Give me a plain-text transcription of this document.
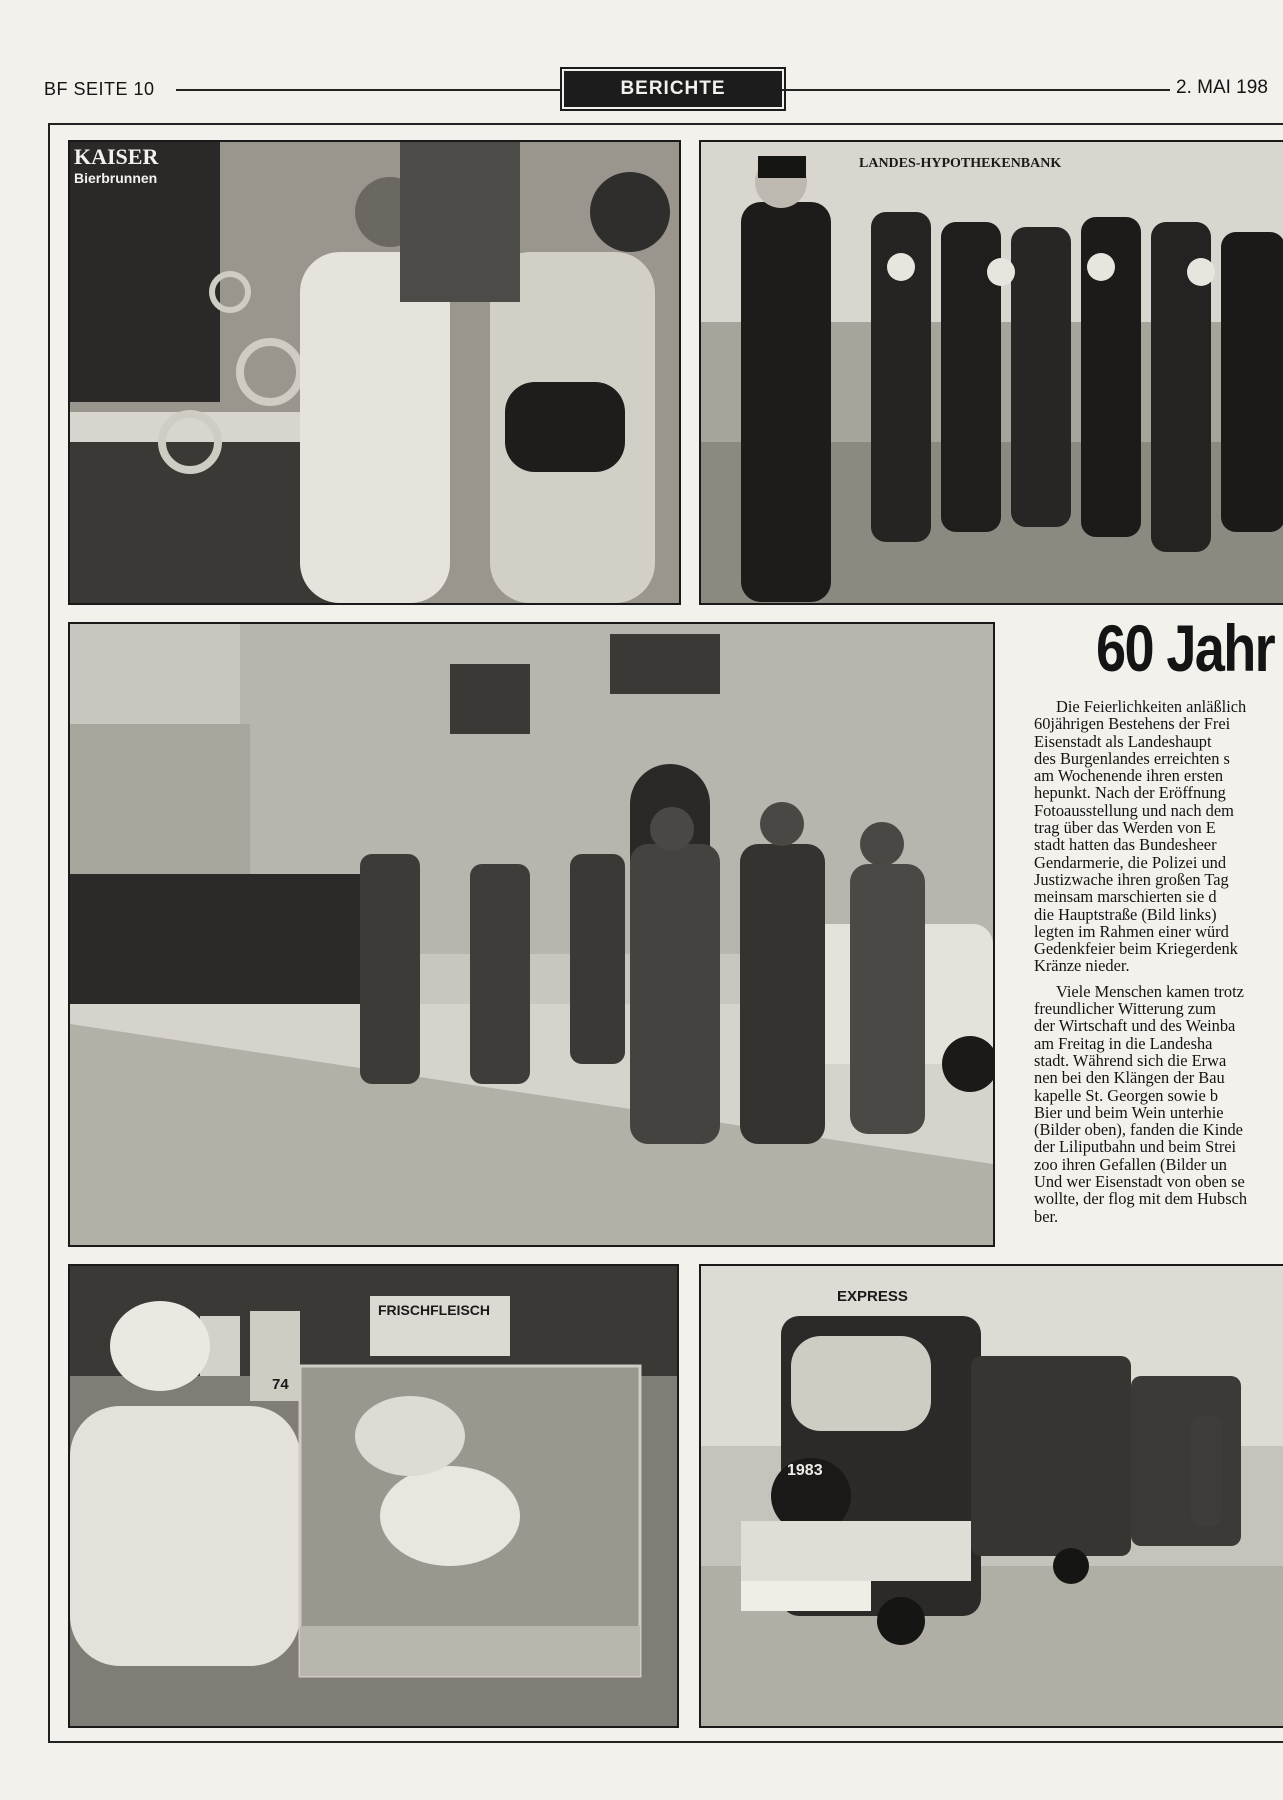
BF SEITE 10	BERICHTE	2. MAI 198
KAISER
Bierbrunnen
LANDES-HYPOTHEKENBANK
FRISCHFLEISCH
74
EXPRESS
1983
60 Jahr
Die Feierlichkeiten anläßlich
60jährigen Bestehens der Frei
Eisenstadt als Landeshaupt
des Burgenlandes erreichten s
am Wochenende ihren ersten
hepunkt. Nach der Eröffnung
Fotoausstellung und nach dem
trag über das Werden von E
stadt hatten das Bundesheer
Gendarmerie, die Polizei und
Justizwache ihren großen Tag
meinsam marschierten sie d
die Hauptstraße (Bild links)
legten im Rahmen einer würd
Gedenkfeier beim Kriegerdenk
Kränze nieder.
Viele Menschen kamen trotz
freundlicher Witterung zum
der Wirtschaft und des Weinba
am Freitag in die Landesha
stadt. Während sich die Erwa
nen bei den Klängen der Bau
kapelle St. Georgen sowie b
Bier und beim Wein unterhie
(Bilder oben), fanden die Kinde
der Liliputbahn und beim Strei
zoo ihren Gefallen (Bilder un
Und wer Eisenstadt von oben se
wollte, der flog mit dem Hubsch
ber.
